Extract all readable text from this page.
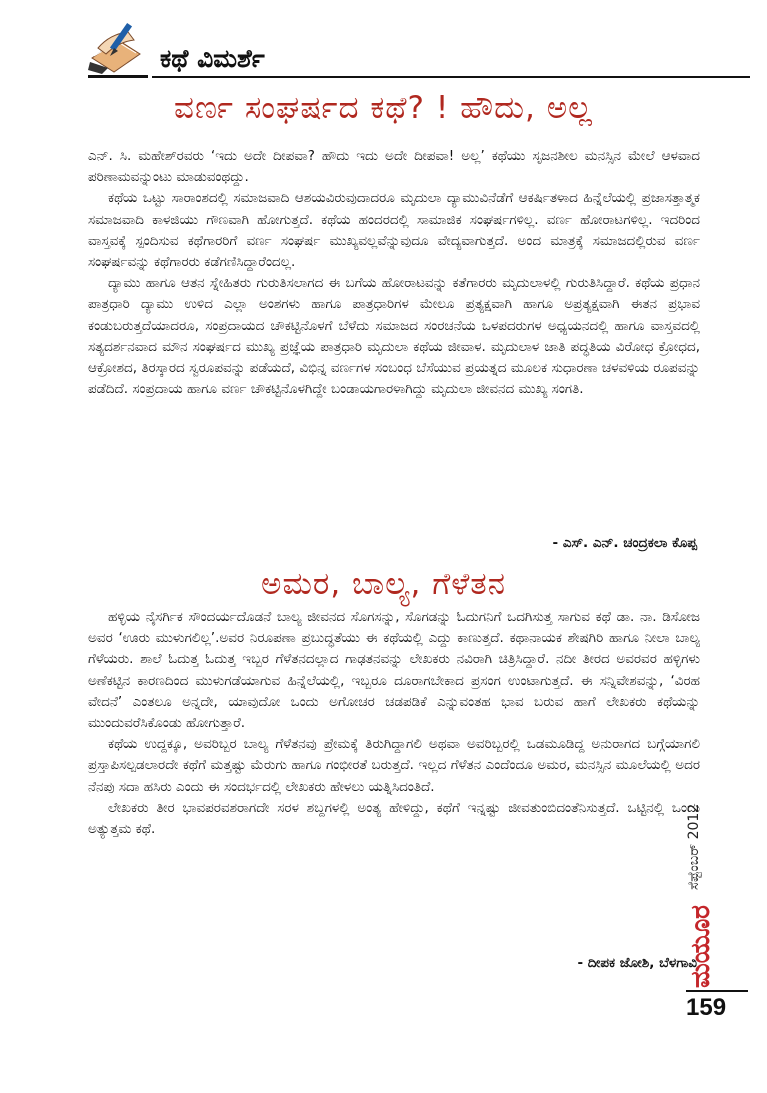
ಕಥೆ ವಿಮರ್ಶೆ
ವರ್ಣ ಸಂಘರ್ಷದ ಕಥೆ? ! ಹೌದು, ಅಲ್ಲ

ಎನ್. ಸಿ. ಮಹೇಶ್‌ರವರು ‘ಇದು ಅದೇ ದೀಪವಾ? ಹೌದು ಇದು ಅದೇ ದೀಪವಾ! ಅಲ್ಲ’ ಕಥೆಯು ಸೃಜನಶೀಲ ಮನಸ್ಸಿನ ಮೇಲೆ ಆಳವಾದ ಪರಿಣಾಮವನ್ನುಂಟು ಮಾಡುವಂಥದ್ದು.

ಕಥೆಯ ಒಟ್ಟು ಸಾರಾಂಶದಲ್ಲಿ ಸಮಾಜವಾದಿ ಆಶಯವಿರುವುದಾದರೂ ಮೃದುಲಾ ದ್ಯಾಮುವಿನೆಡೆಗೆ ಆಕರ್ಷಿತಳಾದ ಹಿನ್ನೆಲೆಯಲ್ಲಿ ಪ್ರಜಾಸತ್ತಾತ್ಮಕ ಸಮಾಜವಾದಿ ಕಾಳಜಿಯು ಗೌಣವಾಗಿ ಹೋಗುತ್ತದೆ. ಕಥೆಯ ಹಂದರದಲ್ಲಿ ಸಾಮಾಜಿಕ ಸಂಘರ್ಷಗಳಿಲ್ಲ. ವರ್ಣ ಹೋರಾಟಗಳಿಲ್ಲ. ಇದರಿಂದ ವಾಸ್ತವಕ್ಕೆ ಸ್ಪಂದಿಸುವ ಕಥೆಗಾರರಿಗೆ ವರ್ಣ ಸಂಘರ್ಷ ಮುಖ್ಯವಲ್ಲವೆನ್ನುವುದೂ ವೇದ್ಯವಾಗುತ್ತದೆ. ಅಂದ ಮಾತ್ರಕ್ಕೆ ಸಮಾಜದಲ್ಲಿರುವ ವರ್ಣ ಸಂಘರ್ಷವನ್ನು ಕಥೆಗಾರರು ಕಡೆಗಣಿಸಿದ್ದಾರೆಂದಲ್ಲ.

ದ್ಯಾಮು ಹಾಗೂ ಆತನ ಸ್ನೇಹಿತರು ಗುರುತಿಸಲಾಗದ ಈ ಬಗೆಯ ಹೋರಾಟವನ್ನು ಕತೆಗಾರರು ಮೃದುಲಾಳಲ್ಲಿ ಗುರುತಿಸಿದ್ದಾರೆ. ಕಥೆಯ ಪ್ರಧಾನ ಪಾತ್ರಧಾರಿ ದ್ಯಾಮು ಉಳಿದ ಎಲ್ಲಾ ಅಂಶಗಳು ಹಾಗೂ ಪಾತ್ರಧಾರಿಗಳ ಮೇಲೂ ಪ್ರತ್ಯಕ್ಷವಾಗಿ ಹಾಗೂ ಅಪ್ರತ್ಯಕ್ಷವಾಗಿ ಈತನ ಪ್ರಭಾವ ಕಂಡುಬರುತ್ತದೆಯಾದರೂ, ಸಂಪ್ರದಾಯದ ಚೌಕಟ್ಟಿನೊಳಗೆ ಬೆಳೆದು ಸಮಾಜದ ಸಂರಚನೆಯ ಒಳಪದರುಗಳ ಅಧ್ಯಯನದಲ್ಲಿ ಹಾಗೂ ವಾಸ್ತವದಲ್ಲಿ ಸತ್ಯದರ್ಶನವಾದ ಮೌನ ಸಂಘರ್ಷದ ಮುಖ್ಯ ಪ್ರಜ್ಞೆಯ ಪಾತ್ರಧಾರಿ ಮೃದುಲಾ ಕಥೆಯ ಜೀವಾಳ. ಮೃದುಲಾಳ ಜಾತಿ ಪದ್ಧತಿಯ ವಿರೋಧ ಕ್ರೋಧದ, ಆಕ್ರೋಶದ, ತಿರಸ್ಕಾರದ ಸ್ವರೂಪವನ್ನು ಪಡೆಯದೆ, ವಿಭಿನ್ನ ವರ್ಣಗಳ ಸಂಬಂಧ ಬೆಸೆಯುವ ಪ್ರಯತ್ನದ ಮೂಲಕ ಸುಧಾರಣಾ ಚಳವಳಿಯ ರೂಪವನ್ನು ಪಡೆದಿದೆ. ಸಂಪ್ರದಾಯ ಹಾಗೂ ವರ್ಣ ಚೌಕಟ್ಟಿನೊಳಗಿದ್ದೇ ಬಂಡಾಯಗಾರಳಾಗಿದ್ದು ಮೃದುಲಾ ಜೀವನದ ಮುಖ್ಯ ಸಂಗತಿ.

- ಎಸ್. ಎನ್. ಚಂದ್ರಕಲಾ ಕೊಪ್ಪ
ಅಮರ, ಬಾಲ್ಯ, ಗೆಳೆತನ

ಹಳ್ಳಿಯ ನೈಸರ್ಗಿಕ ಸೌಂದರ್ಯದೊಡನೆ ಬಾಲ್ಯ ಜೀವನದ ಸೊಗಸನ್ನು, ಸೊಗಡನ್ನು ಓದುಗನಿಗೆ ಒದಗಿಸುತ್ತ ಸಾಗುವ ಕಥೆ ಡಾ. ನಾ. ಡಿಸೋಜ ಅವರ ‘ಊರು ಮುಳುಗಲಿಲ್ಲ’.ಅವರ ನಿರೂಪಣಾ ಪ್ರಬುದ್ಧತೆಯು ಈ ಕಥೆಯಲ್ಲಿ ಎದ್ದು ಕಾಣುತ್ತದೆ. ಕಥಾನಾಯಕ ಶೇಷಗಿರಿ ಹಾಗೂ ನೀಲಾ ಬಾಲ್ಯ ಗೆಳೆಯರು. ಶಾಲೆ ಓದುತ್ತ ಓದುತ್ತ ಇಬ್ಬರ ಗೆಳೆತನದಲ್ಲಾದ ಗಾಢತನವನ್ನು ಲೇಖಕರು ನವಿರಾಗಿ ಚಿತ್ರಿಸಿದ್ದಾರೆ. ನದೀ ತೀರದ ಅವರವರ ಹಳ್ಳಿಗಳು ಅಣೆಕಟ್ಟಿನ ಕಾರಣದಿಂದ ಮುಳುಗಡೆಯಾಗುವ ಹಿನ್ನೆಲೆಯಲ್ಲಿ, ಇಬ್ಬರೂ ದೂರಾಗಬೇಕಾದ ಪ್ರಸಂಗ ಉಂಟಾಗುತ್ತದೆ. ಈ ಸನ್ನಿವೇಶವನ್ನು, ‘ವಿರಹ ವೇದನೆ’ ಎಂತಲೂ ಅನ್ನದೇ, ಯಾವುದೋ ಒಂದು ಅಗೋಚರ ಚಡಪಡಿಕೆ ಎನ್ನುವಂತಹ ಭಾವ ಬರುವ ಹಾಗೆ ಲೇಖಕರು ಕಥೆಯನ್ನು ಮುಂದುವರೆಸಿಕೊಂಡು ಹೋಗುತ್ತಾರೆ.

ಕಥೆಯ ಉದ್ದಕ್ಕೂ, ಅವರಿಬ್ಬರ ಬಾಲ್ಯ ಗೆಳೆತನವು ಪ್ರೇಮಕ್ಕೆ ತಿರುಗಿದ್ದಾಗಲಿ ಅಥವಾ ಅವರಿಬ್ಬರಲ್ಲಿ ಒಡಮೂಡಿದ್ದ ಅನುರಾಗದ ಬಗ್ಗೆಯಾಗಲಿ ಪ್ರಸ್ತಾಪಿಸಲ್ಪಡಲಾರದೇ ಕಥೆಗೆ ಮತ್ತಷ್ಟು ಮೆರುಗು ಹಾಗೂ ಗಂಭೀರತೆ ಬರುತ್ತದೆ. ಇಲ್ಲದ ಗೆಳೆತನ ಎಂದೆಂದೂ ಅಮರ, ಮನಸ್ಸಿನ ಮೂಲೆಯಲ್ಲಿ ಅದರ ನೆನಪು ಸದಾ ಹಸಿರು ಎಂದು ಈ ಸಂದರ್ಭದಲ್ಲಿ ಲೇಖಕರು ಹೇಳಲು ಯತ್ನಿಸಿದಂತಿದೆ.

ಲೇಖಕರು ತೀರ ಭಾವಪರವಶರಾಗದೇ ಸರಳ ಶಬ್ದಗಳಲ್ಲಿ ಅಂತ್ಯ ಹೇಳಿದ್ದು, ಕಥೆಗೆ ಇನ್ನಷ್ಟು ಜೀವತುಂಬಿದಂತೆನಿಸುತ್ತದೆ. ಒಟ್ಟಿನಲ್ಲಿ ಒಂದು ಅತ್ಯುತ್ತಮ ಕಥೆ.

- ದೀಪಕ ಜೋಶಿ, ಬೆಳಗಾವಿ
ಸೆಪ್ಟೆಂಬರ್ 2012
ಮಯೂರ
159
